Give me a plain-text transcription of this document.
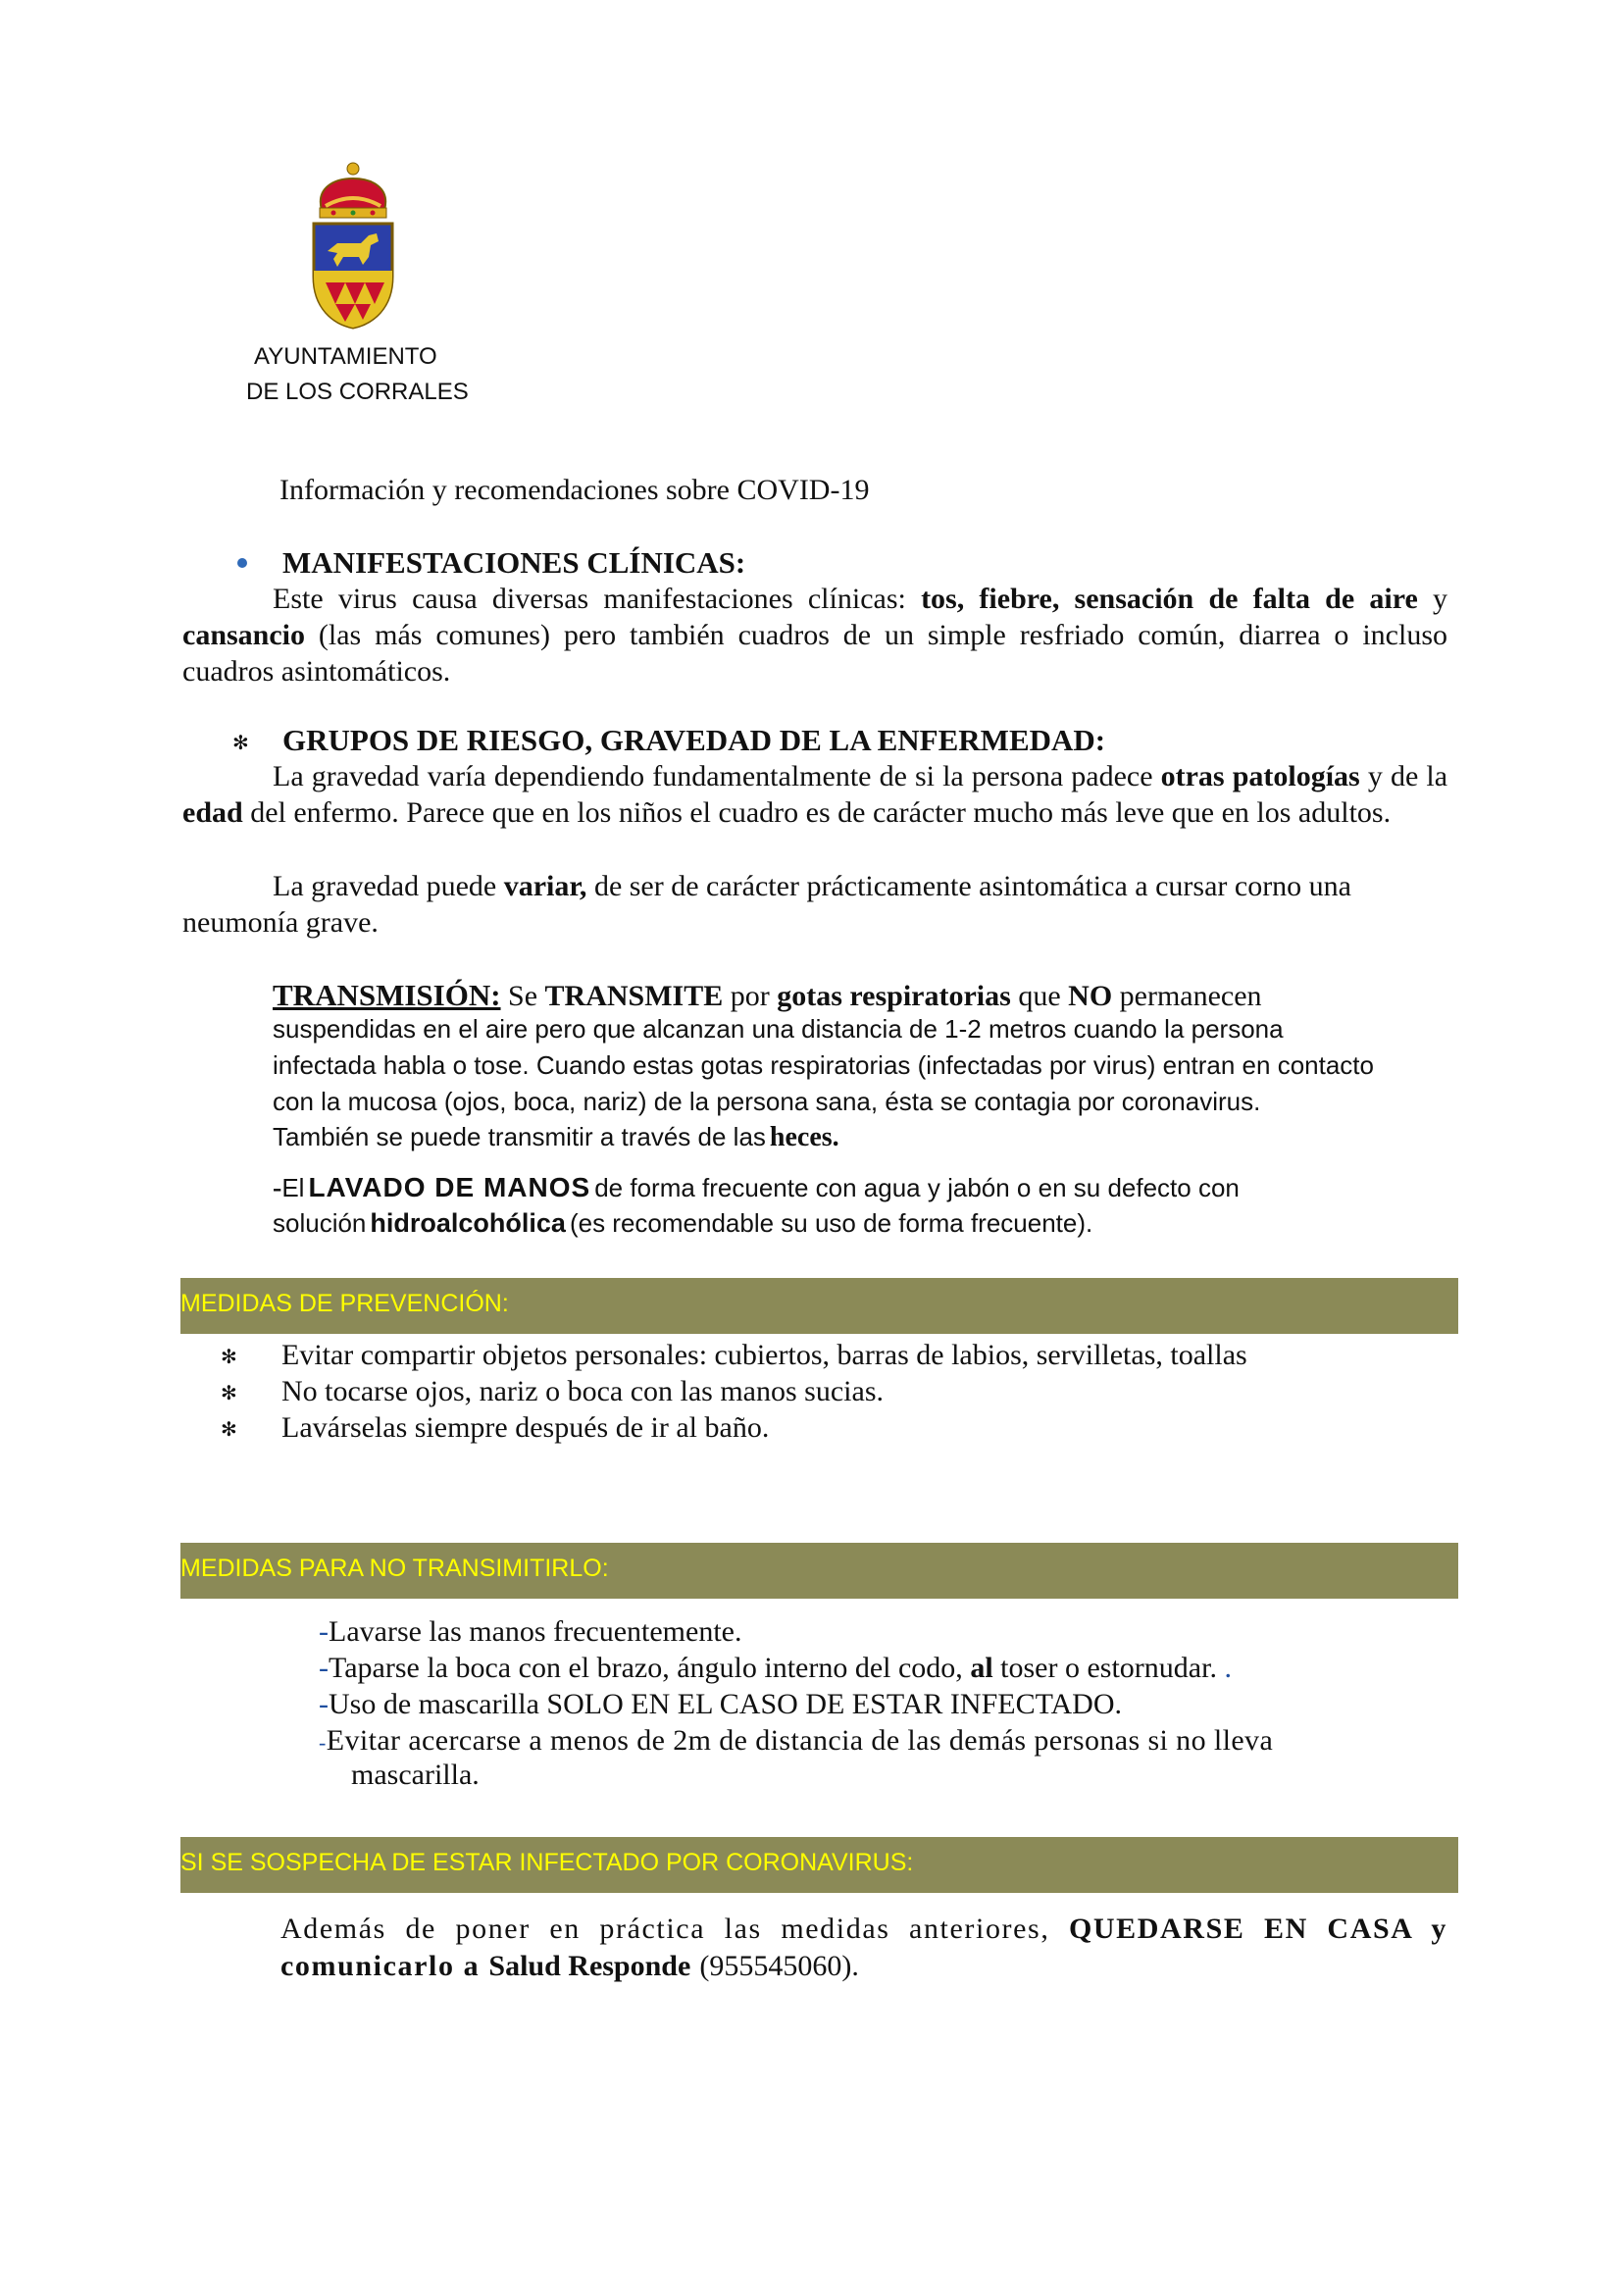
AYUNTAMIENTO
DE LOS CORRALES
Información y recomendaciones sobre COVID-19
MANIFESTACIONES CLÍNICAS:
Este virus causa diversas manifestaciones clínicas: tos, fiebre, sensación de falta de aire y cansancio (las más comunes) pero también cuadros de un simple resfriado común, diarrea o incluso cuadros asintomáticos.
✻ GRUPOS DE RIESGO, GRAVEDAD DE LA ENFERMEDAD:
La gravedad varía dependiendo fundamentalmente de si la persona padece otras patologías y de la edad del enfermo. Parece que en los niños el cuadro es de carácter mucho más leve que en los adultos.
La gravedad puede variar, de ser de carácter prácticamente asintomática a cursar corno una neumonía grave.
TRANSMISIÓN: Se TRANSMITE por gotas respiratorias que NO permanecen
suspendidas en el aire pero que alcanzan una distancia de 1-2 metros cuando la persona
infectada habla o tose. Cuando estas gotas respiratorias (infectadas por virus) entran en contacto
con la mucosa (ojos, boca, nariz) de la persona sana, ésta se contagia por coronavirus.
También se puede transmitir a través de las heces.
-El LAVADO DE MANOS de forma frecuente con agua y jabón o en su defecto con
solución hidroalcohólica (es recomendable su uso de forma frecuente).
MEDIDAS DE PREVENCIÓN:
✻ Evitar compartir objetos personales: cubiertos, barras de labios, servilletas, toallas
✻ No tocarse ojos, nariz o boca con las manos sucias.
✻ Lavárselas siempre después de ir al baño.
MEDIDAS PARA NO TRANSIMITIRLO:
-Lavarse las manos frecuentemente.
-Taparse la boca con el brazo, ángulo interno del codo, al toser o estornudar. .
-Uso de mascarilla SOLO EN EL CASO DE ESTAR INFECTADO.
-Evitar acercarse a menos de 2m de distancia de las demás personas si no lleva
mascarilla.
SI SE SOSPECHA DE ESTAR INFECTADO POR CORONAVIRUS:
Además de poner en práctica las medidas anteriores, QUEDARSE EN CASA y comunicarlo a Salud Responde (955545060).
